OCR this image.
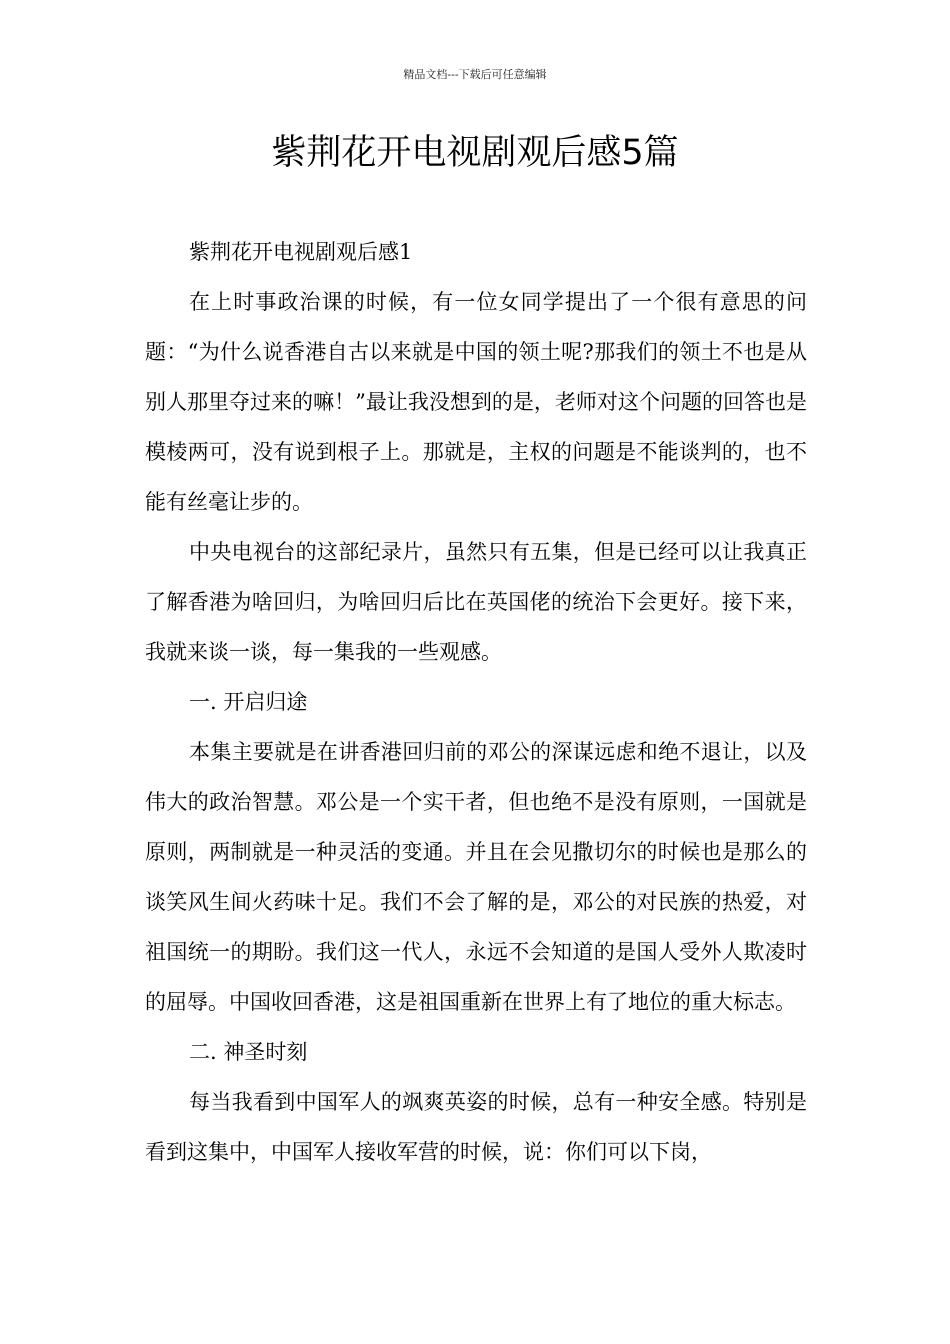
精品文档---下载后可任意编辑
紫荆花开电视剧观后感5篇

紫荆花开电视剧观后感1

在上时事政治课的时候，有一位女同学提出了一个很有意思的问题：“为什么说香港自古以来就是中国的领土呢?那我们的领土不也是从别人那里夺过来的嘛！”最让我没想到的是，老师对这个问题的回答也是模棱两可，没有说到根子上。那就是，主权的问题是不能谈判的，也不能有丝毫让步的。

中央电视台的这部纪录片，虽然只有五集，但是已经可以让我真正了解香港为啥回归，为啥回归后比在英国佬的统治下会更好。接下来，我就来谈一谈，每一集我的一些观感。

一. 开启归途

本集主要就是在讲香港回归前的邓公的深谋远虑和绝不退让，以及伟大的政治智慧。邓公是一个实干者，但也绝不是没有原则，一国就是原则，两制就是一种灵活的变通。并且在会见撒切尔的时候也是那么的谈笑风生间火药味十足。我们不会了解的是，邓公的对民族的热爱，对祖国统一的期盼。我们这一代人，永远不会知道的是国人受外人欺凌时的屈辱。中国收回香港，这是祖国重新在世界上有了地位的重大标志。

二. 神圣时刻

每当我看到中国军人的飒爽英姿的时候，总有一种安全感。特别是看到这集中，中国军人接收军营的时候，说：你们可以下岗，
